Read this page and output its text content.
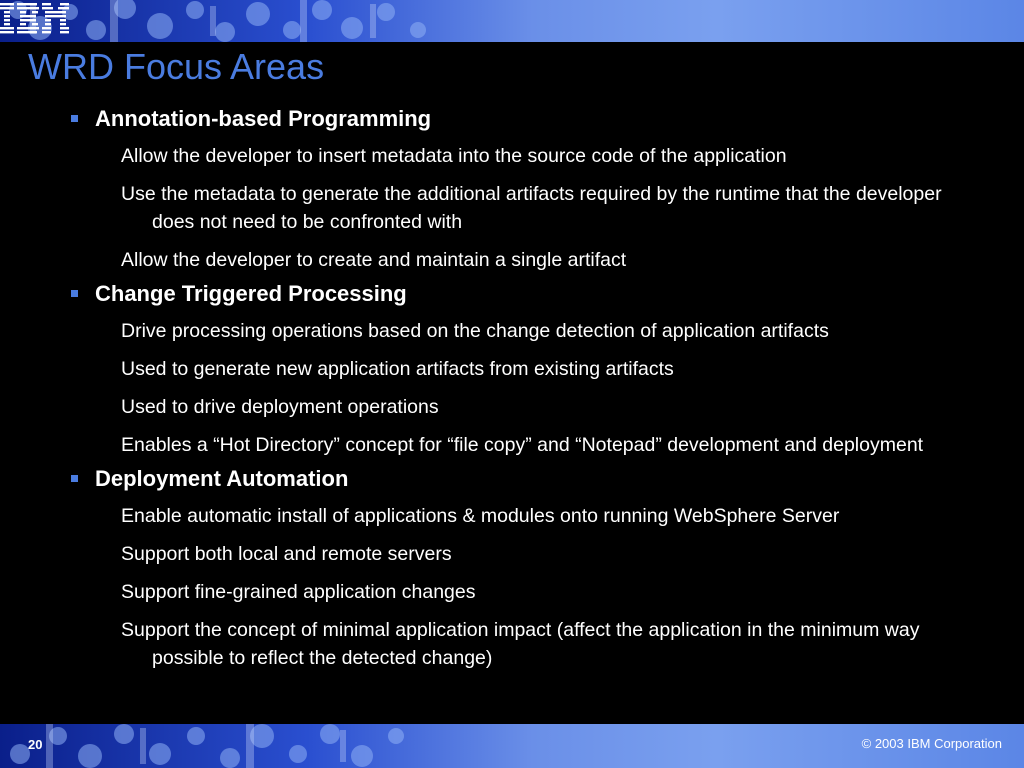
WRD Focus Areas

Annotation-based Programming

Allow the developer to insert metadata into the source code of the application

Use the metadata to generate the additional artifacts required by the runtime that the developer does not need to be confronted with

Allow the developer to create and maintain a single artifact

Change Triggered Processing

Drive processing operations based on the change detection of application artifacts

Used to generate new application artifacts from existing artifacts

Used to drive deployment operations

Enables a “Hot Directory” concept for “file copy” and “Notepad” development and deployment

Deployment Automation

Enable automatic install of applications & modules onto running WebSphere Server

Support both local and remote servers

Support fine-grained application changes

Support the concept of minimal application impact (affect the application in the minimum way possible to reflect the detected change)

20	© 2003 IBM Corporation
